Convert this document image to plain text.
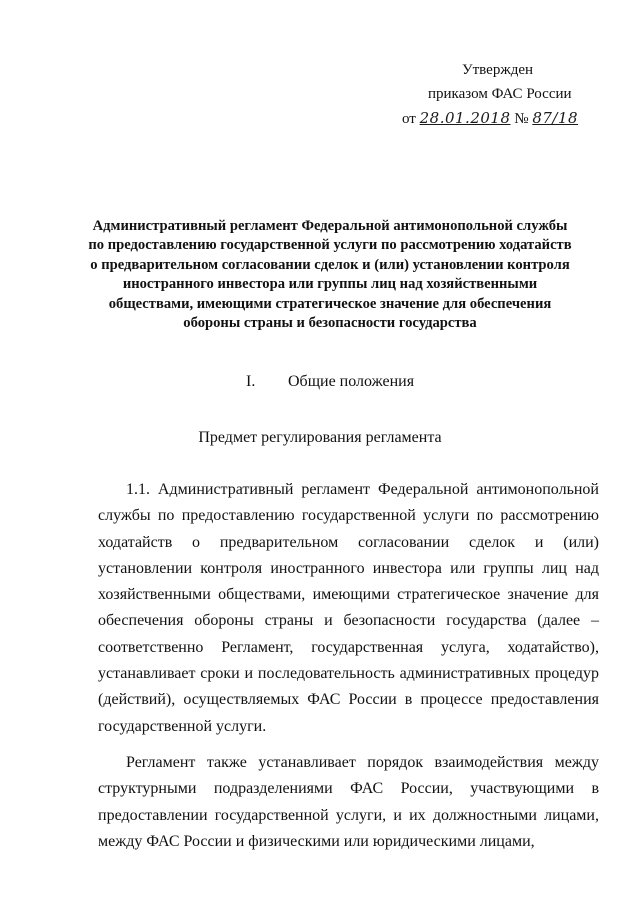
Утвержден
приказом ФАС России
от 28.01.2018 № 87/18
Административный регламент Федеральной антимонопольной службы
по предоставлению государственной услуги по рассмотрению ходатайств
о предварительном согласовании сделок и (или) установлении контроля
иностранного инвестора или группы лиц над хозяйственными
обществами, имеющими стратегическое значение для обеспечения
обороны страны и безопасности государства
I. Общие положения
Предмет регулирования регламента

1.1. Административный регламент Федеральной антимонопольной службы по предоставлению государственной услуги по рассмотрению ходатайств о предварительном согласовании сделок и (или) установлении контроля иностранного инвестора или группы лиц над хозяйственными обществами, имеющими стратегическое значение для обеспечения обороны страны и безопасности государства (далее – соответственно Регламент, государственная услуга, ходатайство), устанавливает сроки и последовательность административных процедур (действий), осуществляемых ФАС России в процессе предоставления государственной услуги.

Регламент также устанавливает порядок взаимодействия между структурными подразделениями ФАС России, участвующими в предоставлении государственной услуги, и их должностными лицами, между ФАС России и физическими или юридическими лицами,
